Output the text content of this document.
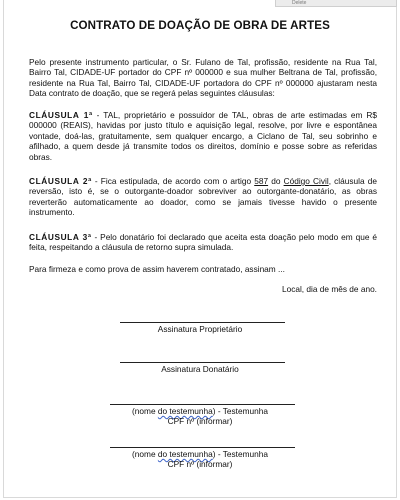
Delete
CONTRATO DE DOAÇÃO DE OBRA DE ARTES

Pelo presente instrumento particular, o Sr. Fulano de Tal, profissão, residente na Rua Tal, Bairro Tal, CIDADE-UF portador do CPF nº 000000 e sua mulher Beltrana de Tal, profissão, residente na Rua Tal, Bairro Tal, CIDADE-UF portadora do CPF nº 000000 ajustaram nesta Data contrato de doação, que se regerá pelas seguintes cláusulas:

CLÁUSULA 1ª - TAL, proprietário e possuidor de TAL, obras de arte estimadas em R$ 000000 (REAIS), havidas por justo título e aquisição legal, resolve, por livre e espontânea vontade, doá-las, gratuitamente, sem qualquer encargo, a Ciclano de Tal, seu sobrinho e afilhado, a quem desde já transmite todos os direitos, domínio e posse sobre as referidas obras.

CLÁUSULA 2ª - Fica estipulada, de acordo com o artigo 587 do Código Civil, cláusula de reversão, isto é, se o outorgante-doador sobreviver ao outorgante-donatário, as obras reverterão automaticamente ao doador, como se jamais tivesse havido o presente instrumento.

CLÁUSULA 3ª - Pelo donatário foi declarado que aceita esta doação pelo modo em que é feita, respeitando a cláusula de retorno supra simulada.

Para firmeza e como prova de assim haverem contratado, assinam ...

Local, dia de mês de ano.
Assinatura Proprietário
Assinatura Donatário
(nome do testemunha) - Testemunha
CPF nº (informar)
(nome do testemunha) - Testemunha
CPF nº (informar)
